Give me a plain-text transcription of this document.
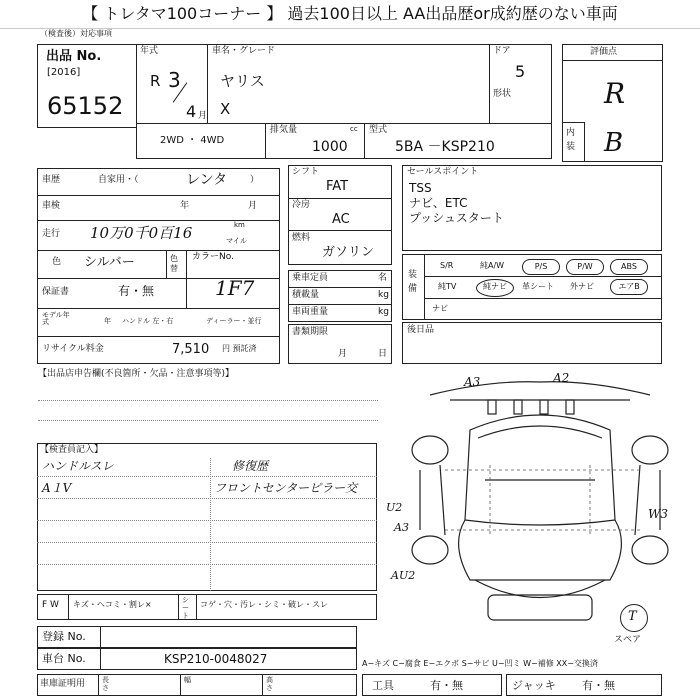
【 トレタマ100コーナー 】 過去100日以上 AA出品歴or成約歴のない車両
（検査後）対応事項
出品 No.
[2016]
65152
年式
R 3
4 月
車名・グレード
ヤリス
X
ドア
5
形状
評価点
R
内装 B
2WD ・ 4WD
排気量	cc
1000
型式
5BA －KSP210
車歴	自家用・（	レンタ	）
車検	年	月
走行 10万0千0百16	km
マイル
色 シルバー	色替
カラーNo.
1F7
保証書	有・無
モデル年式	年 ハンドル 左・右	ディーラー・並行
リサイクル料金	7,510 円 預託済
シフト
FAT
冷房
AC
燃料
ガソリン
乗車定員	名
積載量	kg
車両重量	kg
書類期限
月	日
セールスポイント
TSS
ナビ、ETC
プッシュスタート
装備
S/R	純A/W	P/S	P/W	ABS
純TV	純ナビ	革シート 外ナビ	エアB
ナビ
後日品
【出品店申告欄(不良箇所・欠品・注意事項等)】
【検査員記入】
ハンドルスレ	修復歴
A１V	フロントセンターピラー交
A3	A2
U2
A3
W3
AU2
T
スペア
F W キズ・ヘコミ・割レ×	シート
コゲ・穴・汚レ・シミ・破レ・スレ
登録 No.
車台 No.	KSP210-0048027
車庫証明用 長さ
幅	高さ
A−キズ C−腐食 E−エクボ S−サビ U−凹ミ W−補修 XX−交換済
工具	有・無	ジャッキ 有・無
